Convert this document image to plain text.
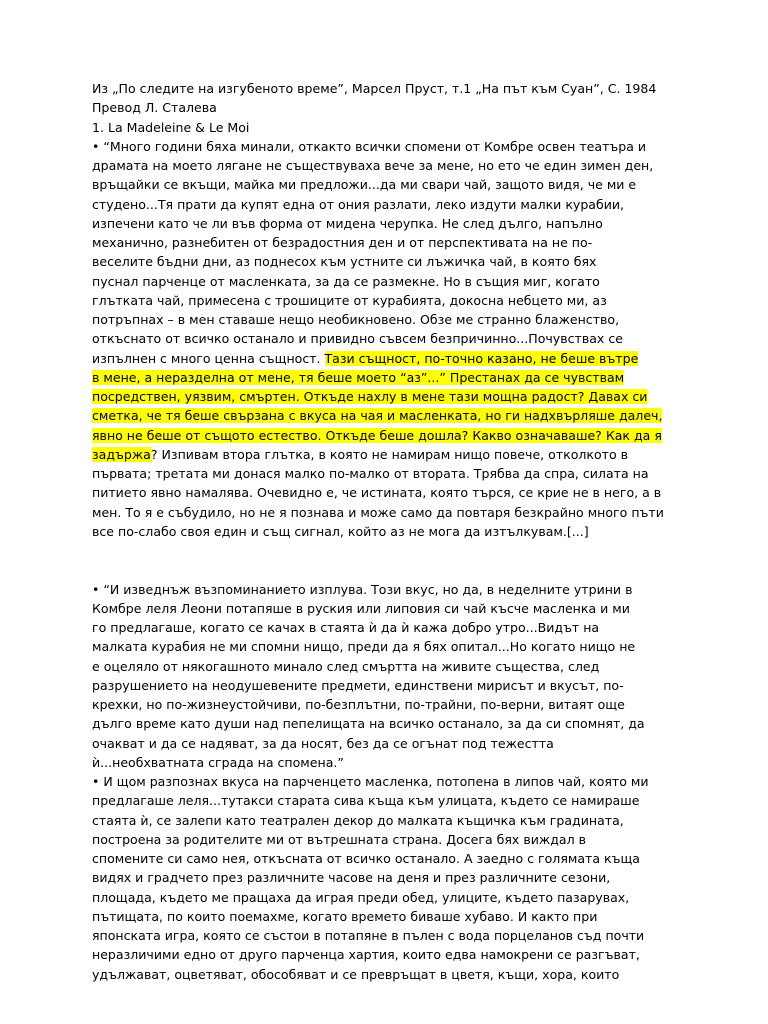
Из „По следите на изгубеното време”, Марсел Пруст, т.1 „На път към Суан”, С. 1984
Превод Л. Сталева
1. La Madeleine & Le Moi
• “Много години бяха минали, откакто всички спомени от Комбре освен театъра и
драмата на моето лягане не съществуваха вече за мене, но ето че един зимен ден,
връщайки се вкъщи, майка ми предложи...да ми свари чай, защото видя, че ми е
студено...Тя прати да купят една от ония разлати, леко издути малки курабии,
изпечени като че ли във форма от мидена черупка. Не след дълго, напълно
механично, разнебитен от безрадостния ден и от перспективата на не по-
веселите бъдни дни, аз поднесох към устните си лъжичка чай, в която бях
пуснал парченце от масленката, за да се размекне. Но в същия миг, когато
глътката чай, примесена с трошиците от курабията, докосна небцето ми, аз
потръпнах – в мен ставаше нещо необикновено. Обзе ме странно блаженство,
откъснато от всичко останало и привидно съвсем безпричинно...Почувствах се
изпълнен с много ценна същност. Тази същност, по-точно казано, не беше вътре
в мене, а неразделна от мене, тя беше моето “аз”...” Престанах да се чувствам
посредствен, уязвим, смъртен. Откъде нахлу в мене тази мощна радост? Давах си
сметка, че тя беше свързана с вкуса на чая и масленката, но ги надхвърляше далеч,
явно не беше от същото естество. Откъде беше дошла? Какво означаваше? Как да я
задържа? Изпивам втора глътка, в която не намирам нищо повече, отколкото в
първата; третата ми донася малко по-малко от втората. Трябва да спра, силата на
питието явно намалява. Очевидно е, че истината, която търся, се крие не в него, а в
мен. То я е събудило, но не я познава и може само да повтаря безкрайно много пъти
все по-слабо своя един и същ сигнал, който аз не мога да изтълкувам.[...]
• “И изведнъж възпоминанието изплува. Този вкус, но да, в неделните утрини в
Комбре леля Леони потапяше в руския или липовия си чай късче масленка и ми
го предлагаше, когато се качах в стаята ѝ да ѝ кажа добро утро...Видът на
малката курабия не ми спомни нищо, преди да я бях опитал...Но когато нищо не
е оцеляло от някогашното минало след смъртта на живите същества, след
разрушението на неодушевените предмети, единствени мирисът и вкусът, по-
крехки, но по-жизнеустойчиви, по-безплътни, по-трайни, по-верни, витаят още
дълго време като души над пепелищата на всичко останало, за да си спомнят, да
очакват и да се надяват, за да носят, без да се огънат под тежестта
ѝ...необхватната сграда на спомена.”
• И щом разпознах вкуса на парченцето масленка, потопена в липов чай, която ми
предлагаше леля...тутакси старата сива къща към улицата, където се намираше
стаята ѝ, се залепи като театрален декор до малката къщичка към градината,
построена за родителите ми от вътрешната страна. Досега бях виждал в
спомените си само нея, откъсната от всичко останало. А заедно с голямата къща
видях и градчето през различните часове на деня и през различните сезони,
площада, където ме пращаха да играя преди обед, улиците, където пазарувах,
пътищата, по които поемахме, когато времето биваше хубаво. И както при
японската игра, която се състои в потапяне в пълен с вода порцеланов съд почти
неразличими едно от друго парченца хартия, които едва намокрени се разгъват,
удължават, оцветяват, обособяват и се превръщат в цветя, къщи, хора, които
